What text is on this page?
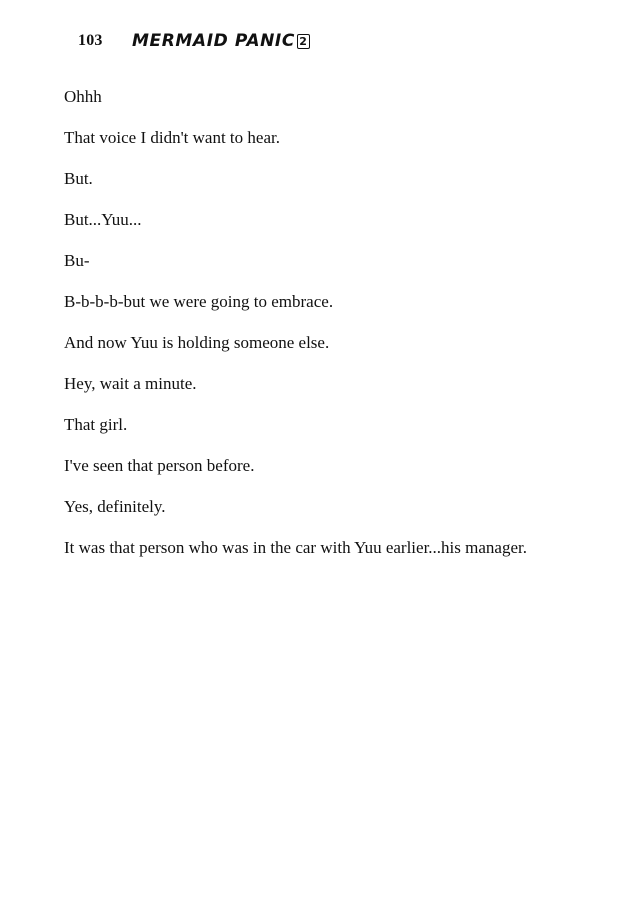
103	MERMAID PANIC 2
Ohhh
That voice I didn't want to hear.
But.
But...Yuu...
Bu-
B-b-b-b-but we were going to embrace.
And now Yuu is holding someone else.
Hey, wait a minute.
That girl.
I've seen that person before.
Yes, definitely.
It was that person who was in the car with Yuu earlier...his manager.
